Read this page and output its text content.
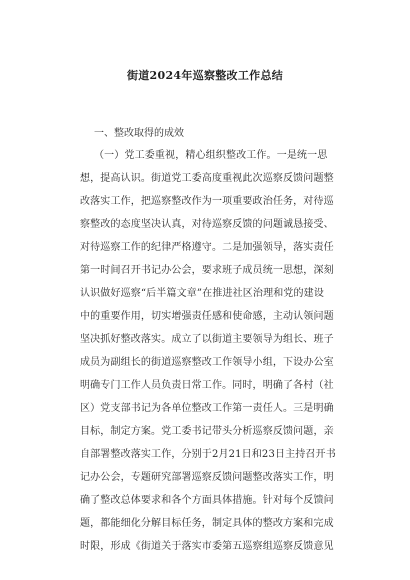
街道2024年巡察整改工作总结
一、整改取得的成效
（一）党工委重视，精心组织整改工作。一是统一思
想，提高认识。街道党工委高度重视此次巡察反馈问题整
改落实工作，把巡察整改作为一项重要政治任务，对待巡
察整改的态度坚决认真，对待巡察反馈的问题诚恳接受、
对待巡察工作的纪律严格遵守。二是加强领导，落实责任
第一时间召开书记办公会，要求班子成员统一思想，深刻
认识做好巡察“后半篇文章”在推进社区治理和党的建设
中的重要作用，切实增强责任感和使命感，主动认领问题
坚决抓好整改落实。成立了以街道主要领导为组长、班子
成员为副组长的街道巡察整改工作领导小组，下设办公室
明确专门工作人员负责日常工作。同时，明确了各村（社
区）党支部书记为各单位整改工作第一责任人。三是明确
目标，制定方案。党工委书记带头分析巡察反馈问题，亲
自部署整改落实工作，分别于2月21日和23日主持召开书
记办公会，专题研究部署巡察反馈问题整改落实工作，明
确了整改总体要求和各个方面具体措施。针对每个反馈问
题，都能细化分解目标任务，制定具体的整改方案和完成
时限，形成《街道关于落实市委第五巡察组巡察反馈意见
